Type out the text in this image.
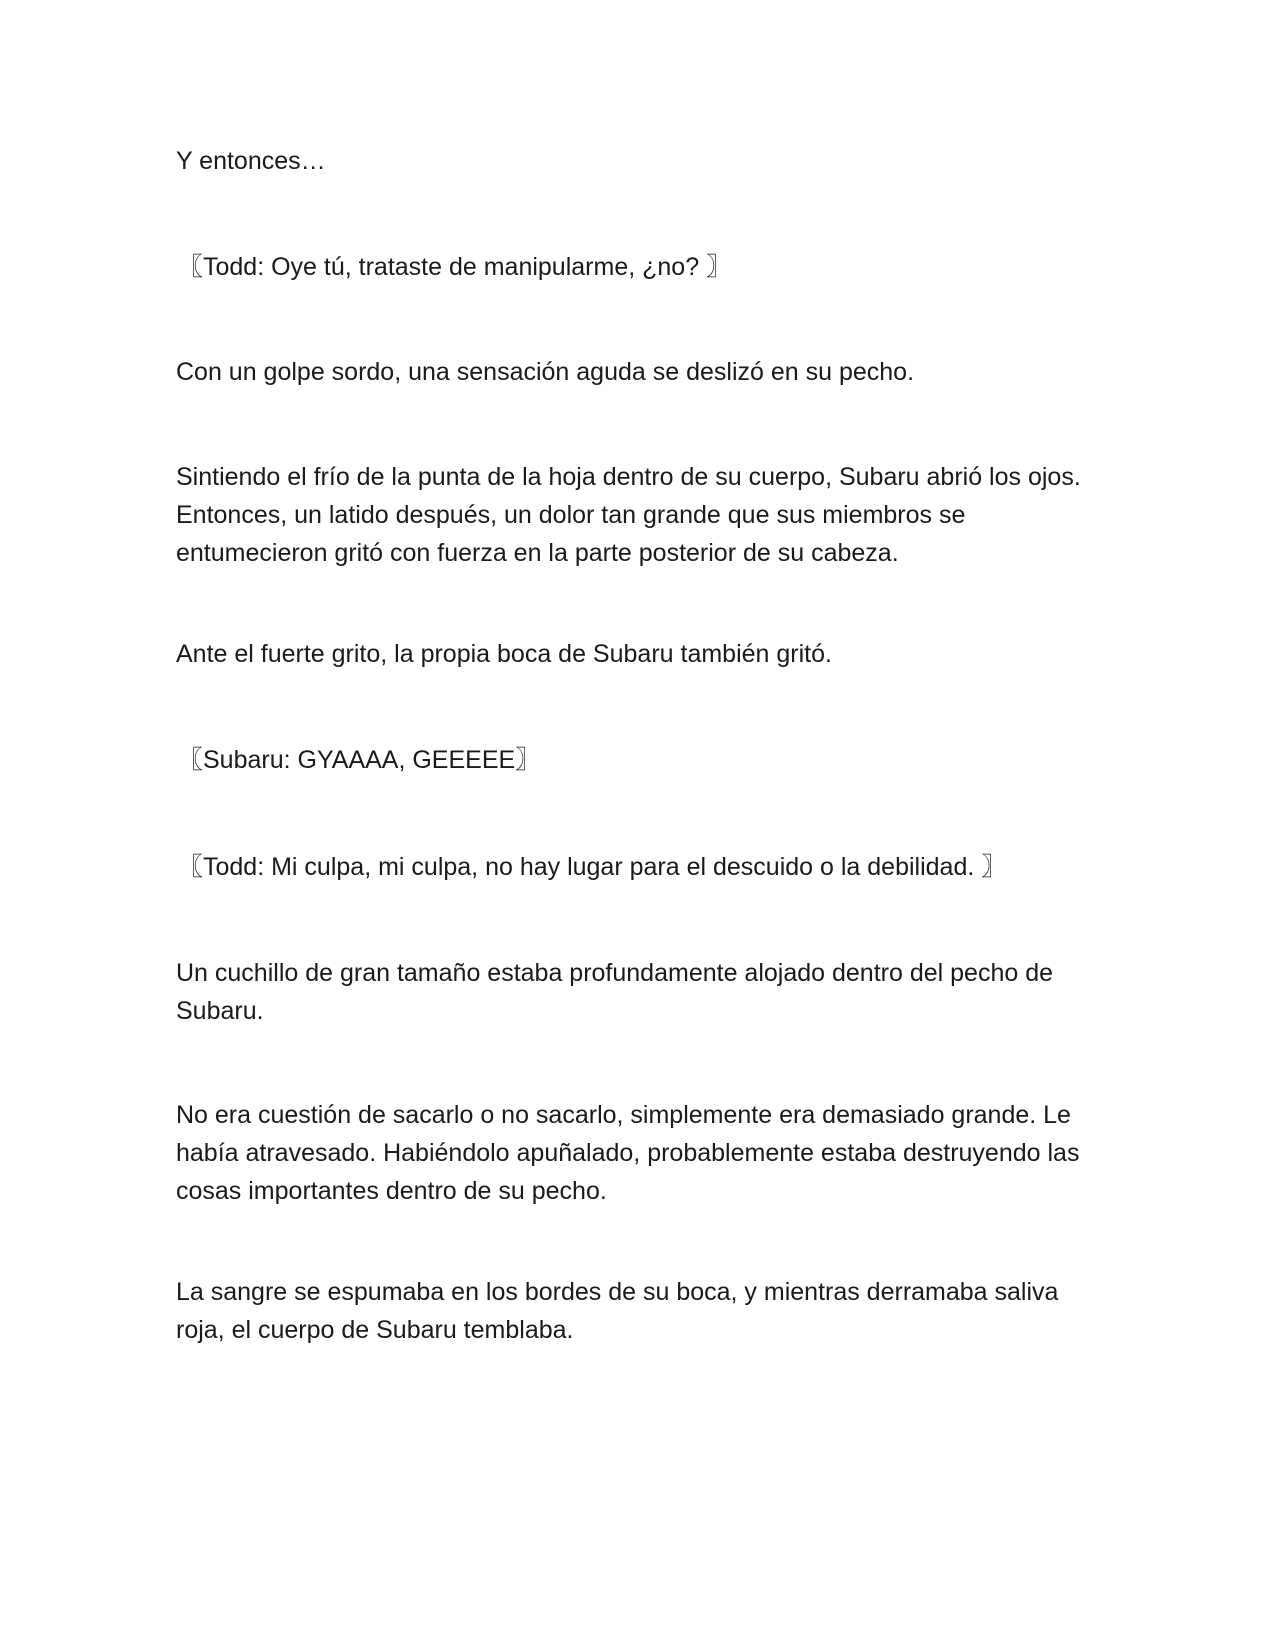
Y entonces…

〖Todd: Oye tú, trataste de manipularme, ¿no? 〗

Con un golpe sordo, una sensación aguda se deslizó en su pecho.

Sintiendo el frío de la punta de la hoja dentro de su cuerpo, Subaru abrió los ojos. Entonces, un latido después, un dolor tan grande que sus miembros se entumecieron gritó con fuerza en la parte posterior de su cabeza.

Ante el fuerte grito, la propia boca de Subaru también gritó.

〖Subaru: GYAAAA, GEEEEE〗

〖Todd: Mi culpa, mi culpa, no hay lugar para el descuido o la debilidad. 〗

Un cuchillo de gran tamaño estaba profundamente alojado dentro del pecho de Subaru.

No era cuestión de sacarlo o no sacarlo, simplemente era demasiado grande. Le había atravesado. Habiéndolo apuñalado, probablemente estaba destruyendo las cosas importantes dentro de su pecho.

La sangre se espumaba en los bordes de su boca, y mientras derramaba saliva roja, el cuerpo de Subaru temblaba.
